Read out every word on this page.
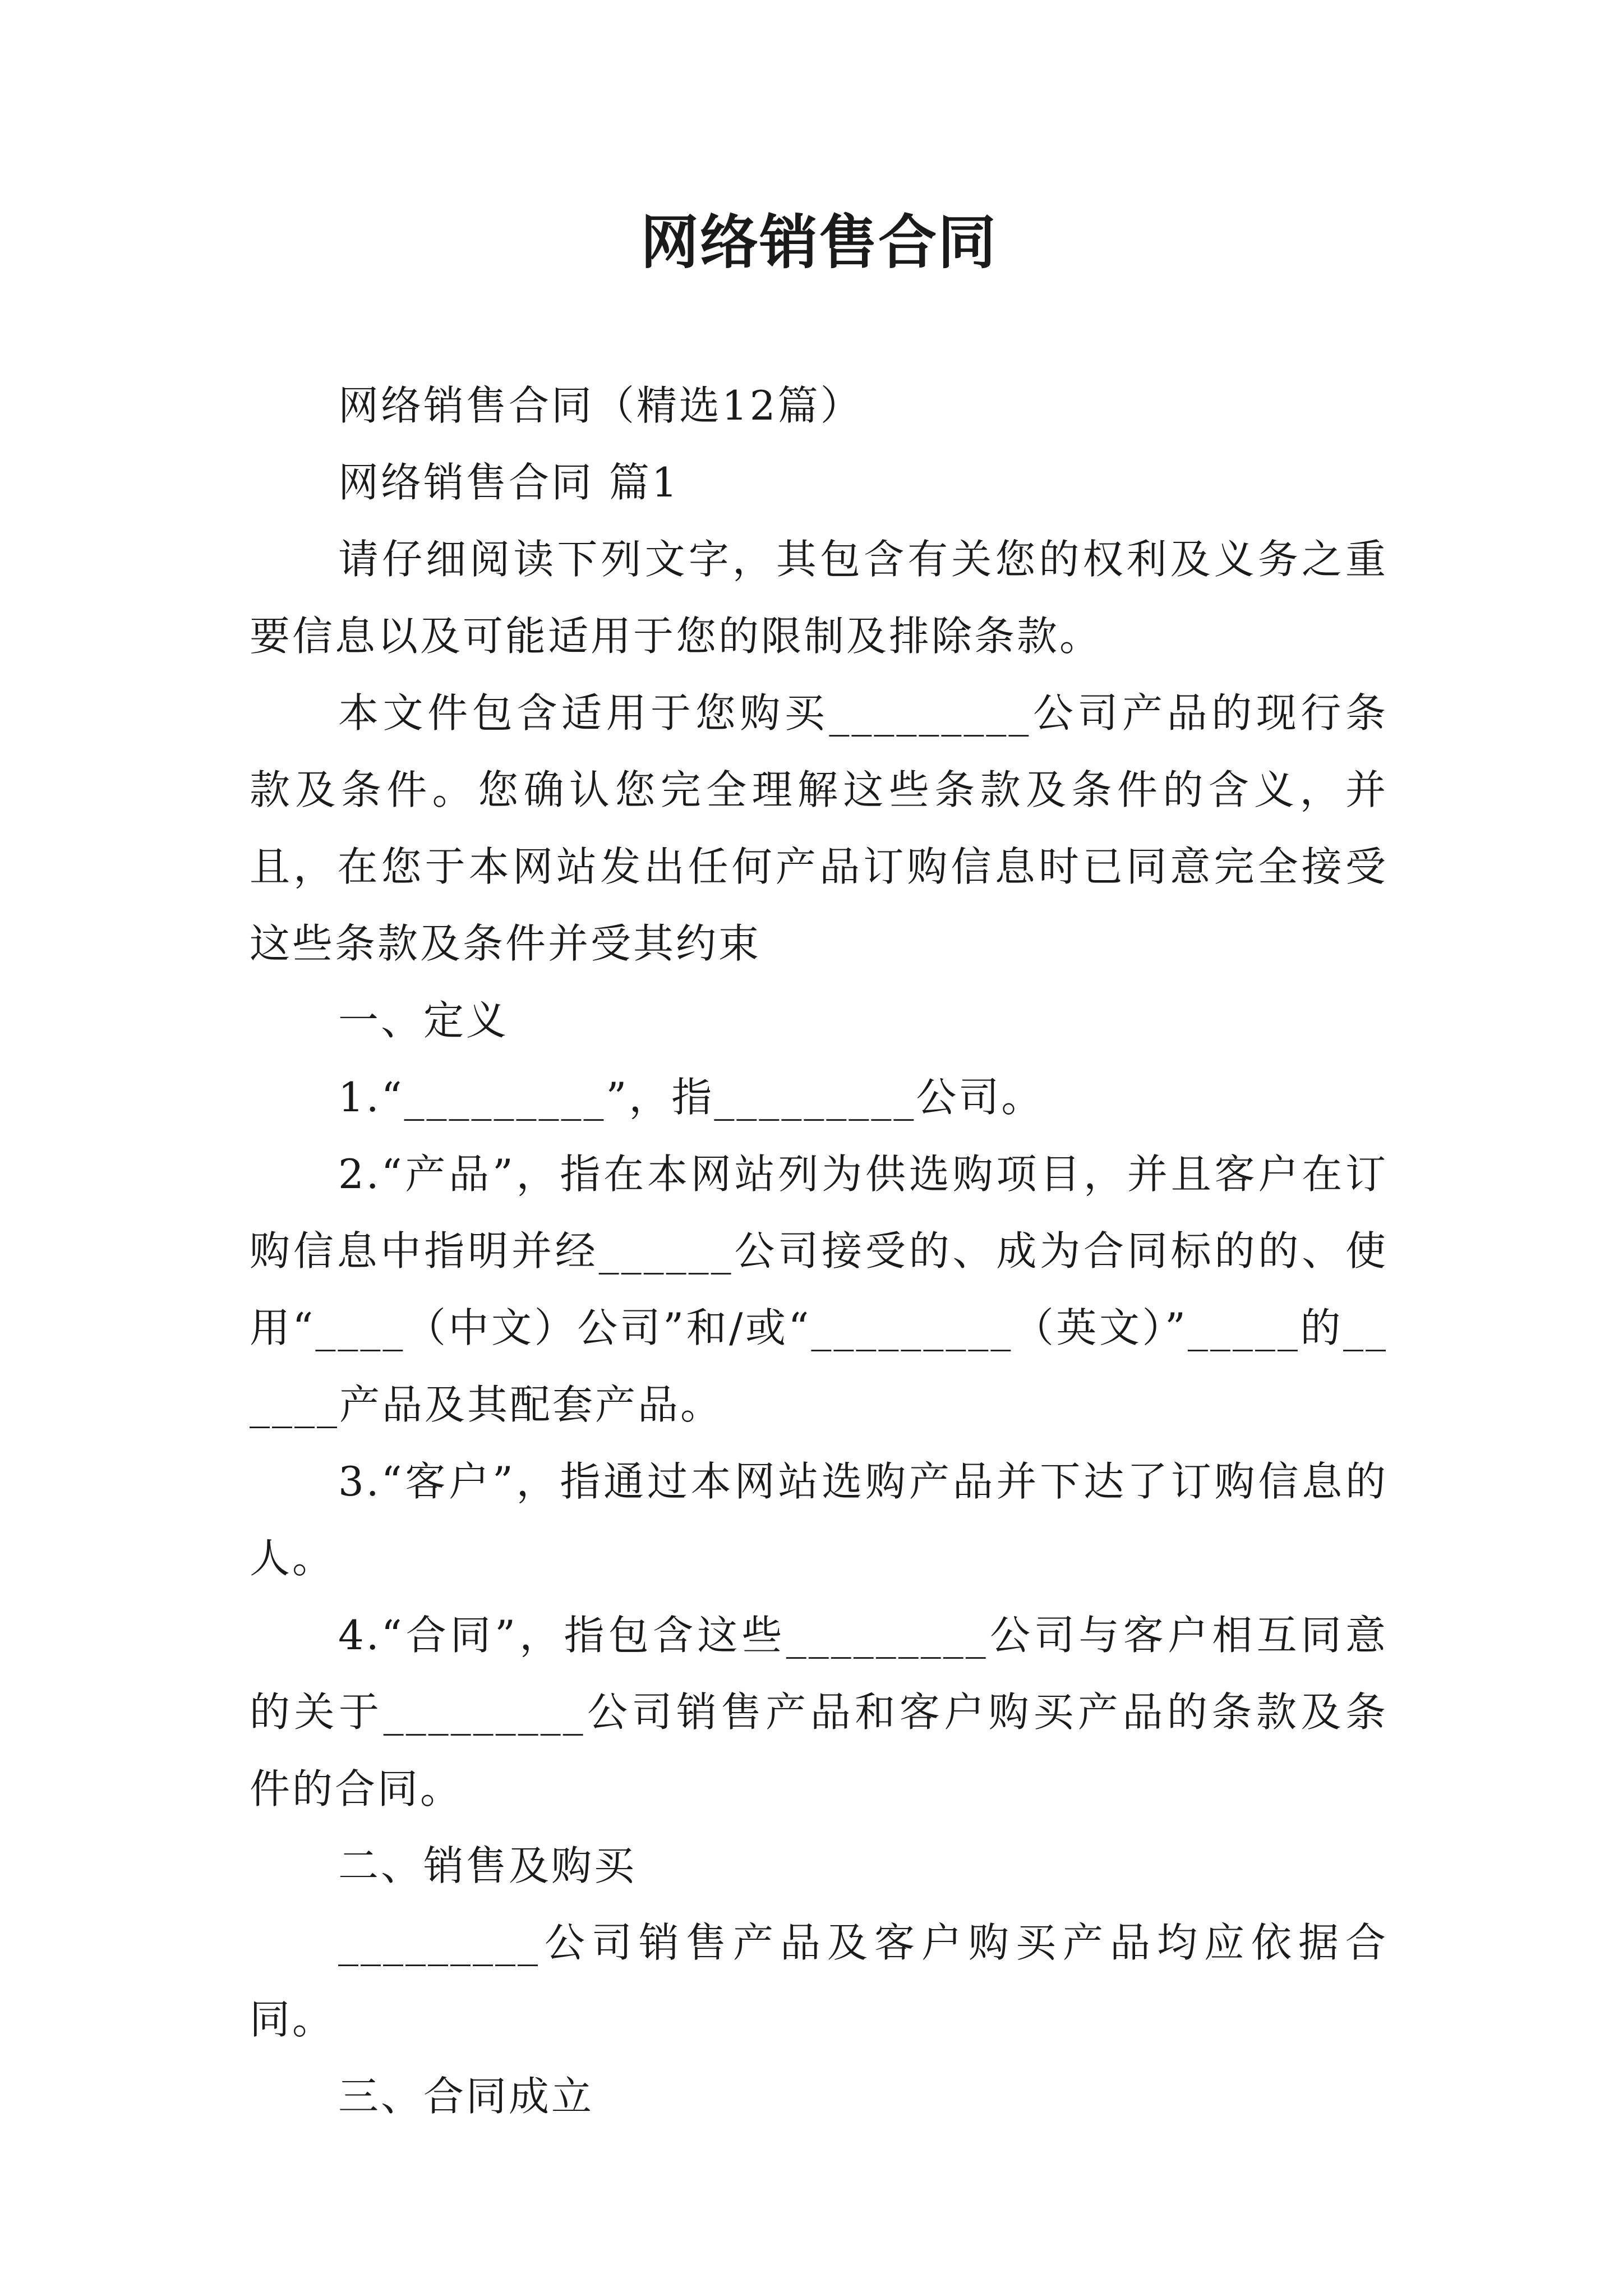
网络销售合同

网络销售合同（精选12篇）

网络销售合同 篇1

请仔细阅读下列文字，其包含有关您的权利及义务之重要信息以及可能适用于您的限制及排除条款。

本文件包含适用于您购买_________公司产品的现行条款及条件。您确认您完全理解这些条款及条件的含义，并且，在您于本网站发出任何产品订购信息时已同意完全接受这些条款及条件并受其约束

一、定义

1.“_________”，指_________公司。

2.“产品”，指在本网站列为供选购项目，并且客户在订购信息中指明并经______公司接受的、成为合同标的的、使用“____（中文）公司”和/或“_________（英文）”_____的______产品及其配套产品。

3.“客户”，指通过本网站选购产品并下达了订购信息的人。

4.“合同”，指包含这些_________公司与客户相互同意的关于_________公司销售产品和客户购买产品的条款及条件的合同。

二、销售及购买

_________公司销售产品及客户购买产品均应依据合同。

三、合同成立
